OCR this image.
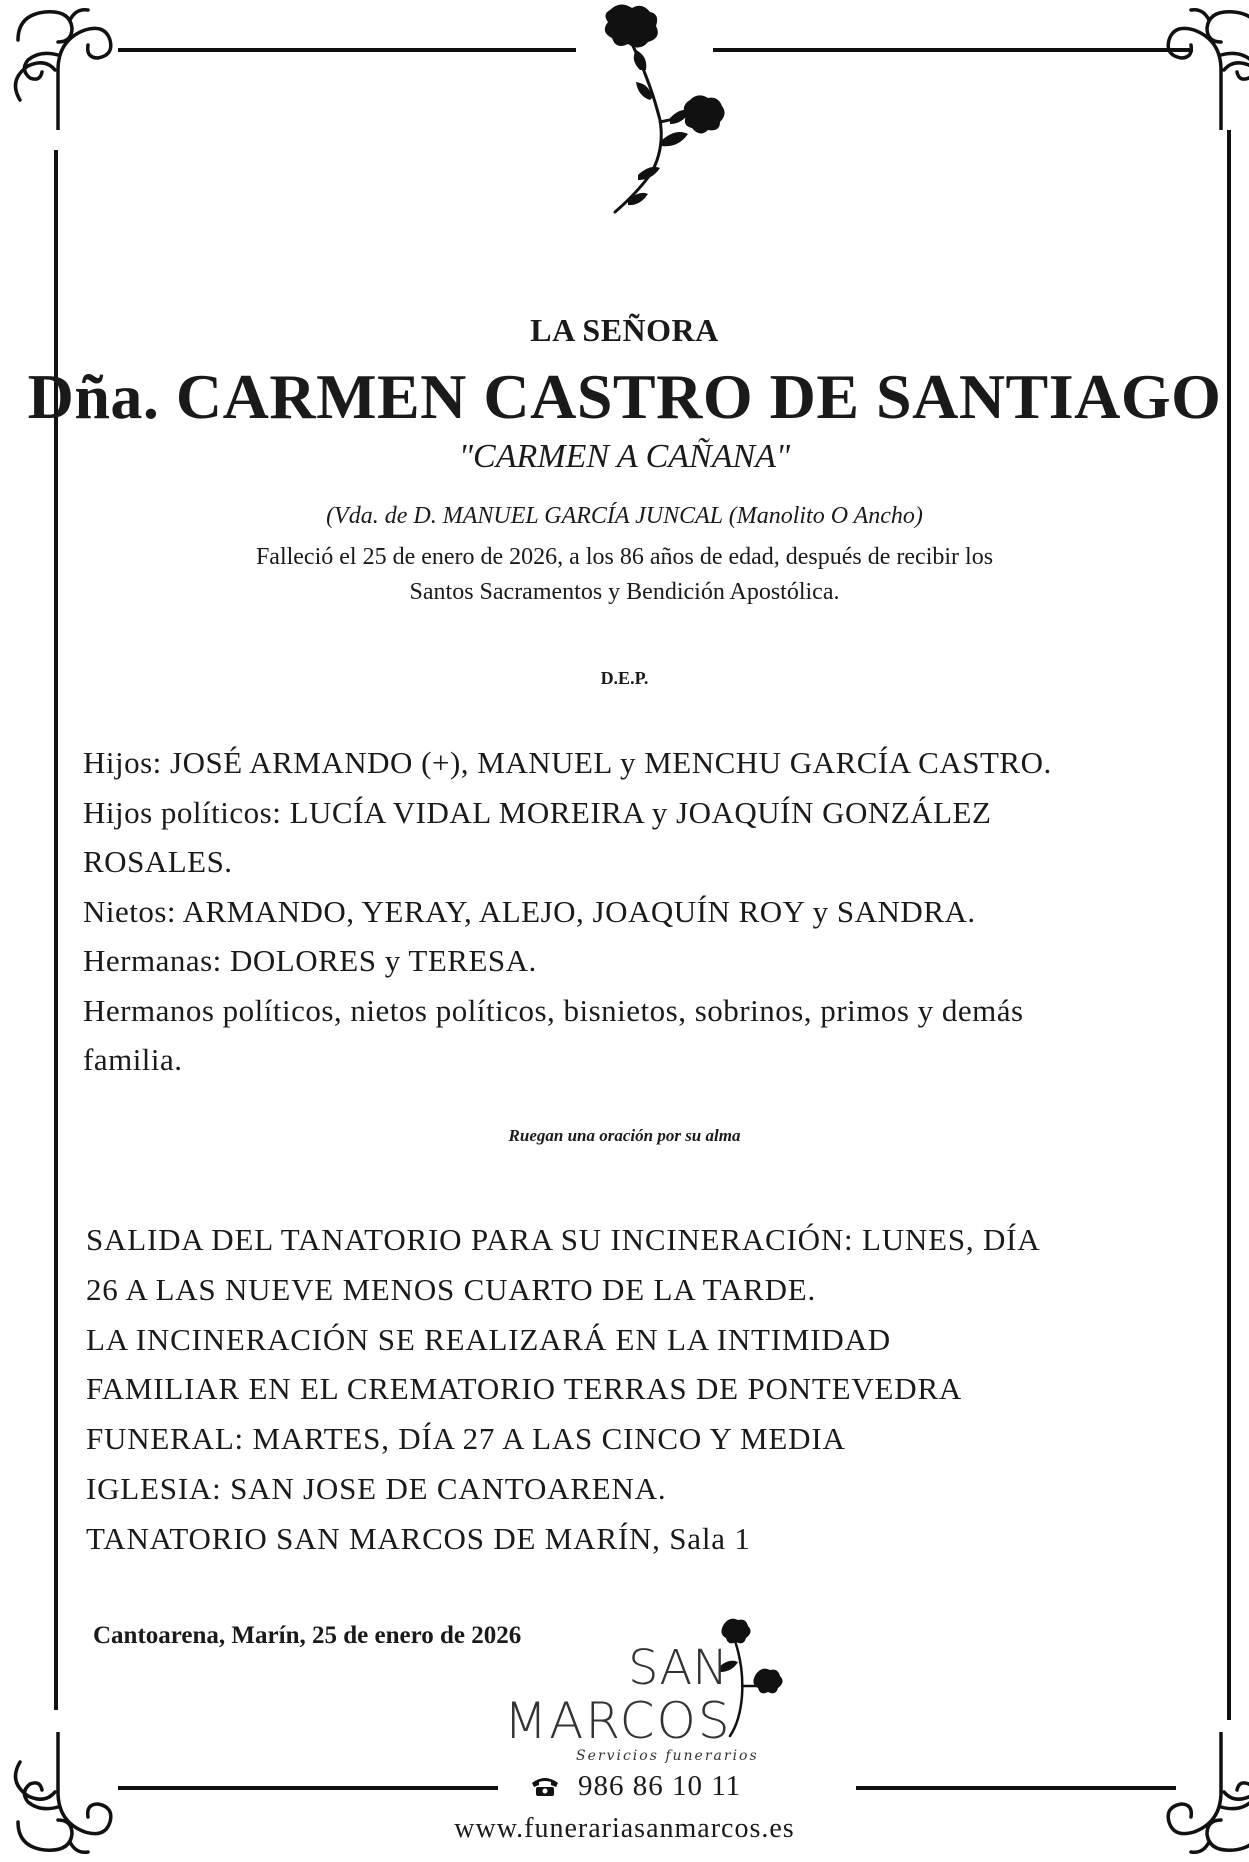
LA SEÑORA
Dña. CARMEN CASTRO DE SANTIAGO
"CARMEN A CAÑANA"
(Vda. de D. MANUEL GARCÍA JUNCAL (Manolito O Ancho)
Falleció el 25 de enero de 2026, a los 86 años de edad, después de recibir los
Santos Sacramentos y Bendición Apostólica.
D.E.P.
Hijos: JOSÉ ARMANDO (+), MANUEL y MENCHU GARCÍA CASTRO.
Hijos políticos: LUCÍA VIDAL MOREIRA y JOAQUÍN GONZÁLEZ
ROSALES.
Nietos: ARMANDO, YERAY, ALEJO, JOAQUÍN ROY y SANDRA.
Hermanas: DOLORES y TERESA.
Hermanos políticos, nietos políticos, bisnietos, sobrinos, primos y demás
familia.
Ruegan una oración por su alma
SALIDA DEL TANATORIO PARA SU INCINERACIÓN: LUNES, DÍA
26 A LAS NUEVE MENOS CUARTO DE LA TARDE.
LA INCINERACIÓN SE REALIZARÁ EN LA INTIMIDAD
FAMILIAR EN EL CREMATORIO TERRAS DE PONTEVEDRA
FUNERAL: MARTES, DÍA 27 A LAS CINCO Y MEDIA
IGLESIA: SAN JOSE DE CANTOARENA.
TANATORIO SAN MARCOS DE MARÍN, Sala 1
Cantoarena, Marín, 25 de enero de 2026
SAN
MARCOS
Servicios funerarios
986 86 10 11
www.funerariasanmarcos.es
